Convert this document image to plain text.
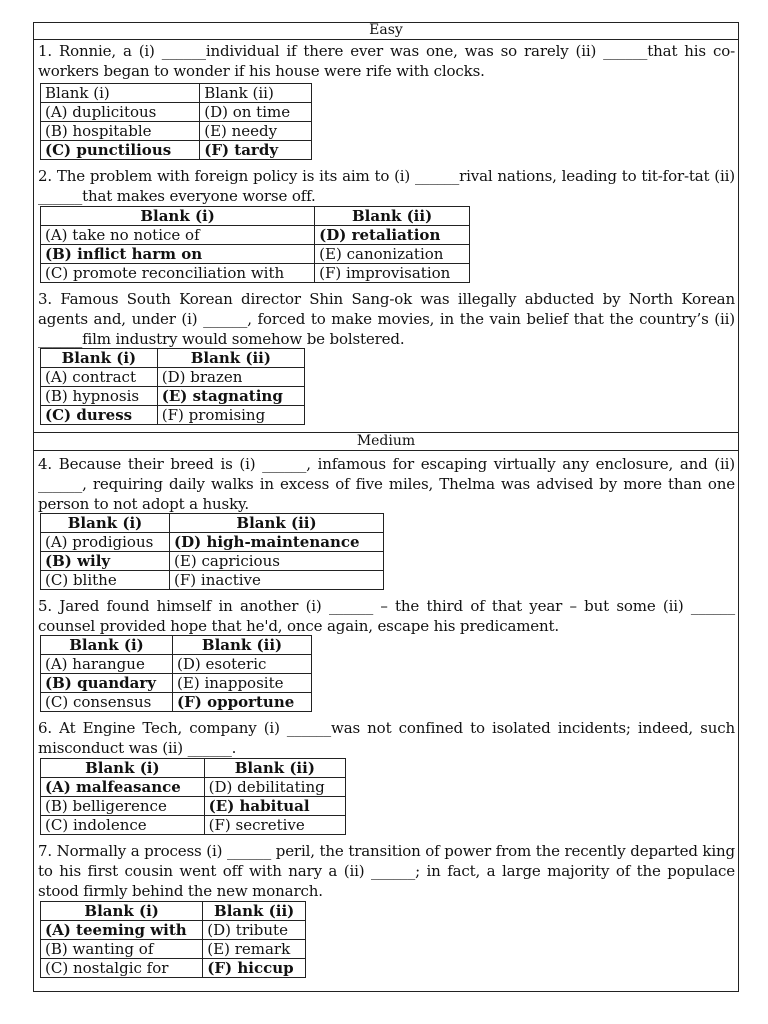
Easy
1. Ronnie, a (i) ______individual if there ever was one, was so rarely (ii) ______that his co-workers began to wonder if his house were rife with clocks.
Blank (i)	Blank (ii)
(A) duplicitous	(D) on time
(B) hospitable	(E) needy
(C) punctilious	(F) tardy
2. The problem with foreign policy is its aim to (i) ______rival nations, leading to tit-for-tat (ii) ______that makes everyone worse off.
Blank (i)	Blank (ii)
(A) take no notice of	(D) retaliation
(B) inflict harm on	(E) canonization
(C) promote reconciliation with	(F) improvisation
3. Famous South Korean director Shin Sang-ok was illegally abducted by North Korean agents and, under (i) ______, forced to make movies, in the vain belief that the country’s (ii) ______film industry would somehow be bolstered.
Blank (i)	Blank (ii)
(A) contract	(D) brazen
(B) hypnosis	(E) stagnating
(C) duress	(F) promising
Medium
4. Because their breed is (i) ______, infamous for escaping virtually any enclosure, and (ii) ______, requiring daily walks in excess of five miles, Thelma was advised by more than one person to not adopt a husky.
Blank (i)	Blank (ii)
(A) prodigious	(D) high-maintenance
(B) wily	(E) capricious
(C) blithe	(F) inactive
5. Jared found himself in another (i) ______ – the third of that year – but some (ii) ______ counsel provided hope that he'd, once again, escape his predicament.
Blank (i)	Blank (ii)
(A) harangue	(D) esoteric
(B) quandary	(E) inapposite
(C) consensus	(F) opportune
6. At Engine Tech, company (i) ______was not confined to isolated incidents; indeed, such misconduct was (ii) ______.
Blank (i)	Blank (ii)
(A) malfeasance	(D) debilitating
(B) belligerence	(E) habitual
(C) indolence	(F) secretive
7. Normally a process (i) ______ peril, the transition of power from the recently departed king to his first cousin went off with nary a (ii) ______; in fact, a large majority of the populace stood firmly behind the new monarch.
Blank (i)	Blank (ii)
(A) teeming with	(D) tribute
(B) wanting of	(E) remark
(C) nostalgic for	(F) hiccup
